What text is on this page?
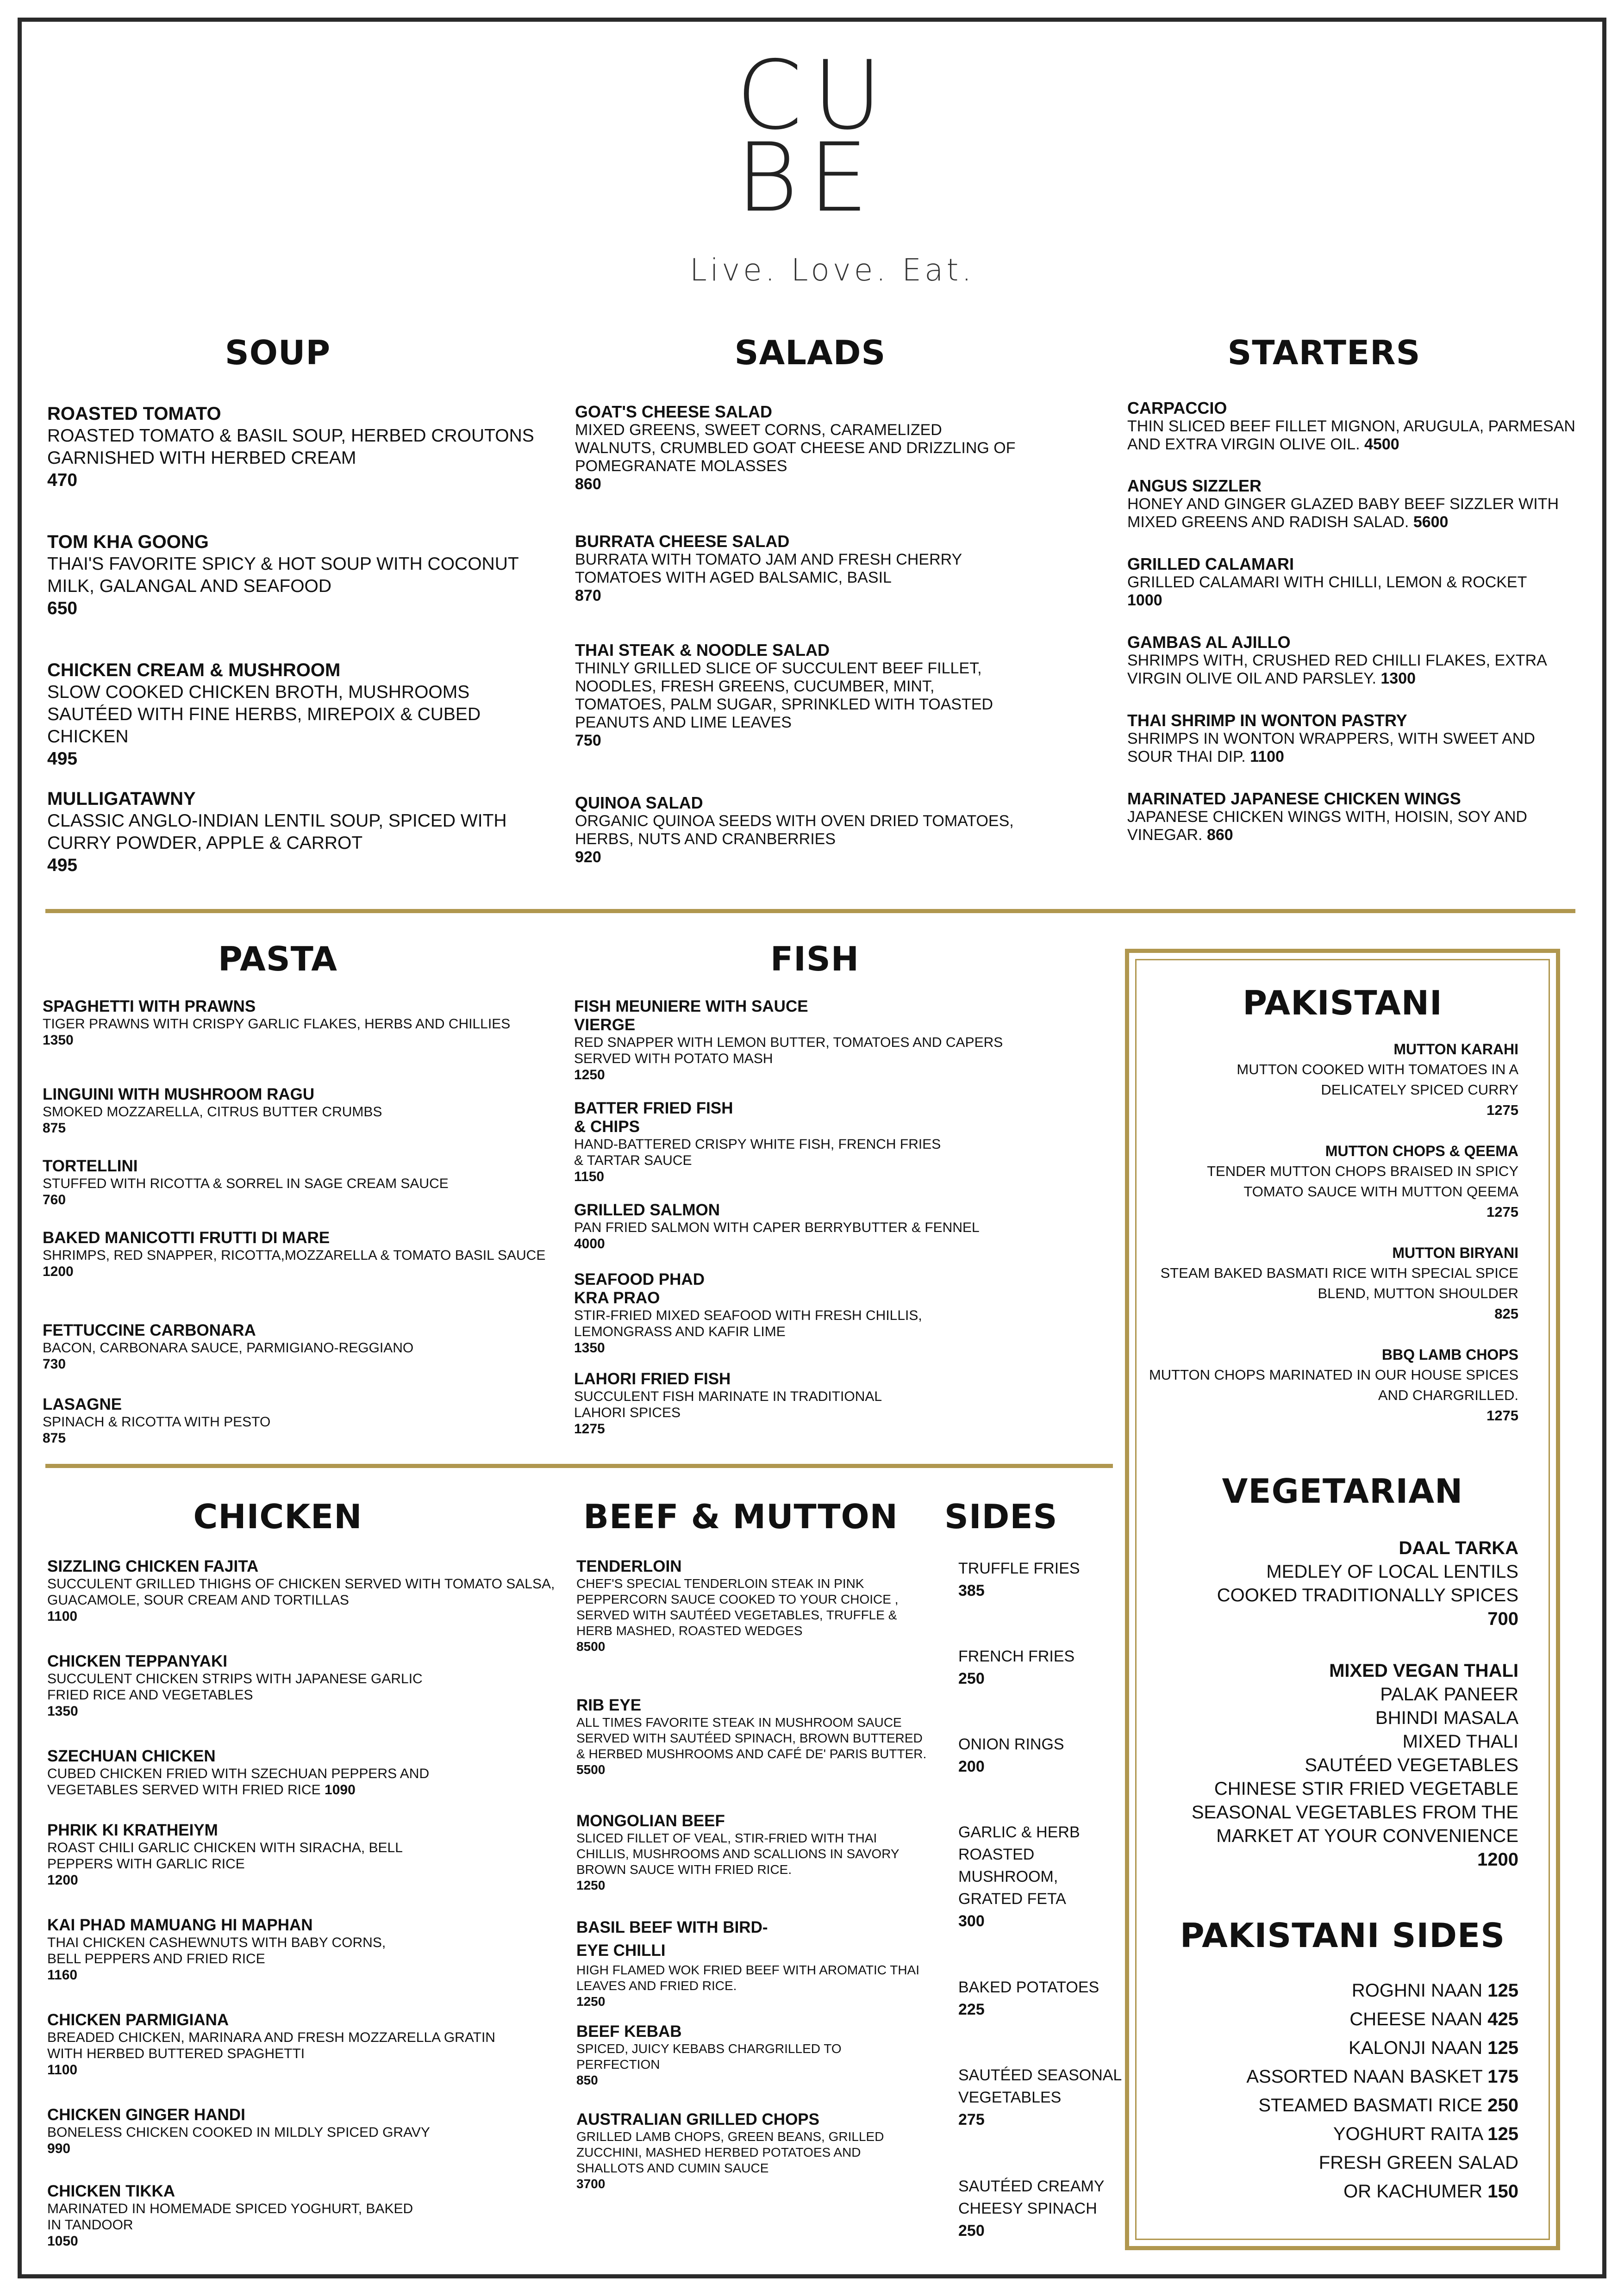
CU
BE
Live. Love. Eat.
SOUP
ROASTED TOMATO
ROASTED TOMATO & BASIL SOUP, HERBED CROUTONS GARNISHED WITH HERBED CREAM
470
TOM KHA GOONG
THAI'S FAVORITE SPICY & HOT SOUP WITH COCONUT MILK, GALANGAL AND SEAFOOD
650
CHICKEN CREAM & MUSHROOM
SLOW COOKED CHICKEN BROTH, MUSHROOMS SAUTÉED WITH FINE HERBS, MIREPOIX & CUBED CHICKEN
495
MULLIGATAWNY
CLASSIC ANGLO-INDIAN LENTIL SOUP, SPICED WITH CURRY POWDER, APPLE & CARROT
495
SALADS
GOAT'S CHEESE SALAD
MIXED GREENS, SWEET CORNS, CARAMELIZED WALNUTS, CRUMBLED GOAT CHEESE AND DRIZZLING OF POMEGRANATE MOLASSES
860
BURRATA CHEESE SALAD
BURRATA WITH TOMATO JAM AND FRESH CHERRY TOMATOES WITH AGED BALSAMIC, BASIL
870
THAI STEAK & NOODLE SALAD
THINLY GRILLED SLICE OF SUCCULENT BEEF FILLET, NOODLES, FRESH GREENS, CUCUMBER, MINT, TOMATOES, PALM SUGAR, SPRINKLED WITH TOASTED PEANUTS AND LIME LEAVES
750
QUINOA SALAD
ORGANIC QUINOA SEEDS WITH OVEN DRIED TOMATOES, HERBS, NUTS AND CRANBERRIES
920
STARTERS
CARPACCIO
THIN SLICED BEEF FILLET MIGNON, ARUGULA, PARMESAN AND EXTRA VIRGIN OLIVE OIL. 4500
ANGUS SIZZLER
HONEY AND GINGER GLAZED BABY BEEF SIZZLER WITH MIXED GREENS AND RADISH SALAD. 5600
GRILLED CALAMARI
GRILLED CALAMARI WITH CHILLI, LEMON & ROCKET
1000
GAMBAS AL AJILLO
SHRIMPS WITH, CRUSHED RED CHILLI FLAKES, EXTRA VIRGIN OLIVE OIL AND PARSLEY. 1300
THAI SHRIMP IN WONTON PASTRY
SHRIMPS IN WONTON WRAPPERS, WITH SWEET AND SOUR THAI DIP. 1100
MARINATED JAPANESE CHICKEN WINGS
JAPANESE CHICKEN WINGS WITH, HOISIN, SOY AND VINEGAR. 860
PASTA
SPAGHETTI WITH PRAWNS
TIGER PRAWNS WITH CRISPY GARLIC FLAKES, HERBS AND CHILLIES
1350
LINGUINI WITH MUSHROOM RAGU
SMOKED MOZZARELLA, CITRUS BUTTER CRUMBS
875
TORTELLINI
STUFFED WITH RICOTTA & SORREL IN SAGE CREAM SAUCE
760
BAKED MANICOTTI FRUTTI DI MARE
SHRIMPS, RED SNAPPER, RICOTTA,MOZZARELLA & TOMATO BASIL SAUCE
1200
FETTUCCINE CARBONARA
BACON, CARBONARA SAUCE, PARMIGIANO-REGGIANO
730
LASAGNE
SPINACH & RICOTTA WITH PESTO
875
FISH
FISH MEUNIERE WITH SAUCE VIERGE
RED SNAPPER WITH LEMON BUTTER, TOMATOES AND CAPERS SERVED WITH POTATO MASH
1250
BATTER FRIED FISH & CHIPS
HAND-BATTERED CRISPY WHITE FISH, FRENCH FRIES & TARTAR SAUCE
1150
GRILLED SALMON
PAN FRIED SALMON WITH CAPER BERRYBUTTER & FENNEL
4000
SEAFOOD PHAD KRA PRAO
STIR-FRIED MIXED SEAFOOD WITH FRESH CHILLIS, LEMONGRASS AND KAFIR LIME
1350
LAHORI FRIED FISH
SUCCULENT FISH MARINATE IN TRADITIONAL LAHORI SPICES
1275
CHICKEN
SIZZLING CHICKEN FAJITA
SUCCULENT GRILLED THIGHS OF CHICKEN SERVED WITH TOMATO SALSA, GUACAMOLE, SOUR CREAM AND TORTILLAS
1100
CHICKEN TEPPANYAKI
SUCCULENT CHICKEN STRIPS WITH JAPANESE GARLIC FRIED RICE AND VEGETABLES
1350
SZECHUAN CHICKEN
CUBED CHICKEN FRIED WITH SZECHUAN PEPPERS AND VEGETABLES SERVED WITH FRIED RICE 1090
PHRIK KI KRATHEIYM
ROAST CHILI GARLIC CHICKEN WITH SIRACHA, BELL PEPPERS WITH GARLIC RICE
1200
KAI PHAD MAMUANG HI MAPHAN
THAI CHICKEN CASHEWNUTS WITH BABY CORNS, BELL PEPPERS AND FRIED RICE
1160
CHICKEN PARMIGIANA
BREADED CHICKEN, MARINARA AND FRESH MOZZARELLA GRATIN WITH HERBED BUTTERED SPAGHETTI
1100
CHICKEN GINGER HANDI
BONELESS CHICKEN COOKED IN MILDLY SPICED GRAVY
990
CHICKEN TIKKA
MARINATED IN HOMEMADE SPICED YOGHURT, BAKED IN TANDOOR
1050
BEEF & MUTTON
TENDERLOIN
CHEF'S SPECIAL TENDERLOIN STEAK IN PINK PEPPERCORN SAUCE COOKED TO YOUR CHOICE , SERVED WITH SAUTÉED VEGETABLES, TRUFFLE & HERB MASHED, ROASTED WEDGES
8500
RIB EYE
ALL TIMES FAVORITE STEAK IN MUSHROOM SAUCE SERVED WITH SAUTÉED SPINACH, BROWN BUTTERED & HERBED MUSHROOMS AND CAFÉ DE' PARIS BUTTER.
5500
MONGOLIAN BEEF
SLICED FILLET OF VEAL, STIR-FRIED WITH THAI CHILLIS, MUSHROOMS AND SCALLIONS IN SAVORY BROWN SAUCE WITH FRIED RICE.
1250
BASIL BEEF WITH BIRD-EYE CHILLI
HIGH FLAMED WOK FRIED BEEF WITH AROMATIC THAI LEAVES AND FRIED RICE.
1250
BEEF KEBAB
SPICED, JUICY KEBABS CHARGRILLED TO PERFECTION
850
AUSTRALIAN GRILLED CHOPS
GRILLED LAMB CHOPS, GREEN BEANS, GRILLED ZUCCHINI, MASHED HERBED POTATOES AND SHALLOTS AND CUMIN SAUCE
3700
SIDES
TRUFFLE FRIES
385
FRENCH FRIES
250
ONION RINGS
200
GARLIC & HERB ROASTED MUSHROOM, GRATED FETA
300
BAKED POTATOES
225
SAUTÉED SEASONAL VEGETABLES
275
SAUTÉED CREAMY CHEESY SPINACH
250
PAKISTANI
MUTTON KARAHI
MUTTON COOKED WITH TOMATOES IN A DELICATELY SPICED CURRY
1275
MUTTON CHOPS & QEEMA
TENDER MUTTON CHOPS BRAISED IN SPICY TOMATO SAUCE WITH MUTTON QEEMA
1275
MUTTON BIRYANI
STEAM BAKED BASMATI RICE WITH SPECIAL SPICE BLEND, MUTTON SHOULDER
825
BBQ LAMB CHOPS
MUTTON CHOPS MARINATED IN OUR HOUSE SPICES AND CHARGRILLED.
1275
VEGETARIAN
DAAL TARKA
MEDLEY OF LOCAL LENTILS
COOKED TRADITIONALLY SPICES
700
MIXED VEGAN THALI
PALAK PANEER
BHINDI MASALA
MIXED THALI
SAUTÉED VEGETABLES
CHINESE STIR FRIED VEGETABLE
SEASONAL VEGETABLES FROM THE
MARKET AT YOUR CONVENIENCE
1200
PAKISTANI SIDES
ROGHNI NAAN 125
CHEESE NAAN 425
KALONJI NAAN 125
ASSORTED NAAN BASKET 175
STEAMED BASMATI RICE 250
YOGHURT RAITA 125
FRESH GREEN SALAD
OR KACHUMER 150
